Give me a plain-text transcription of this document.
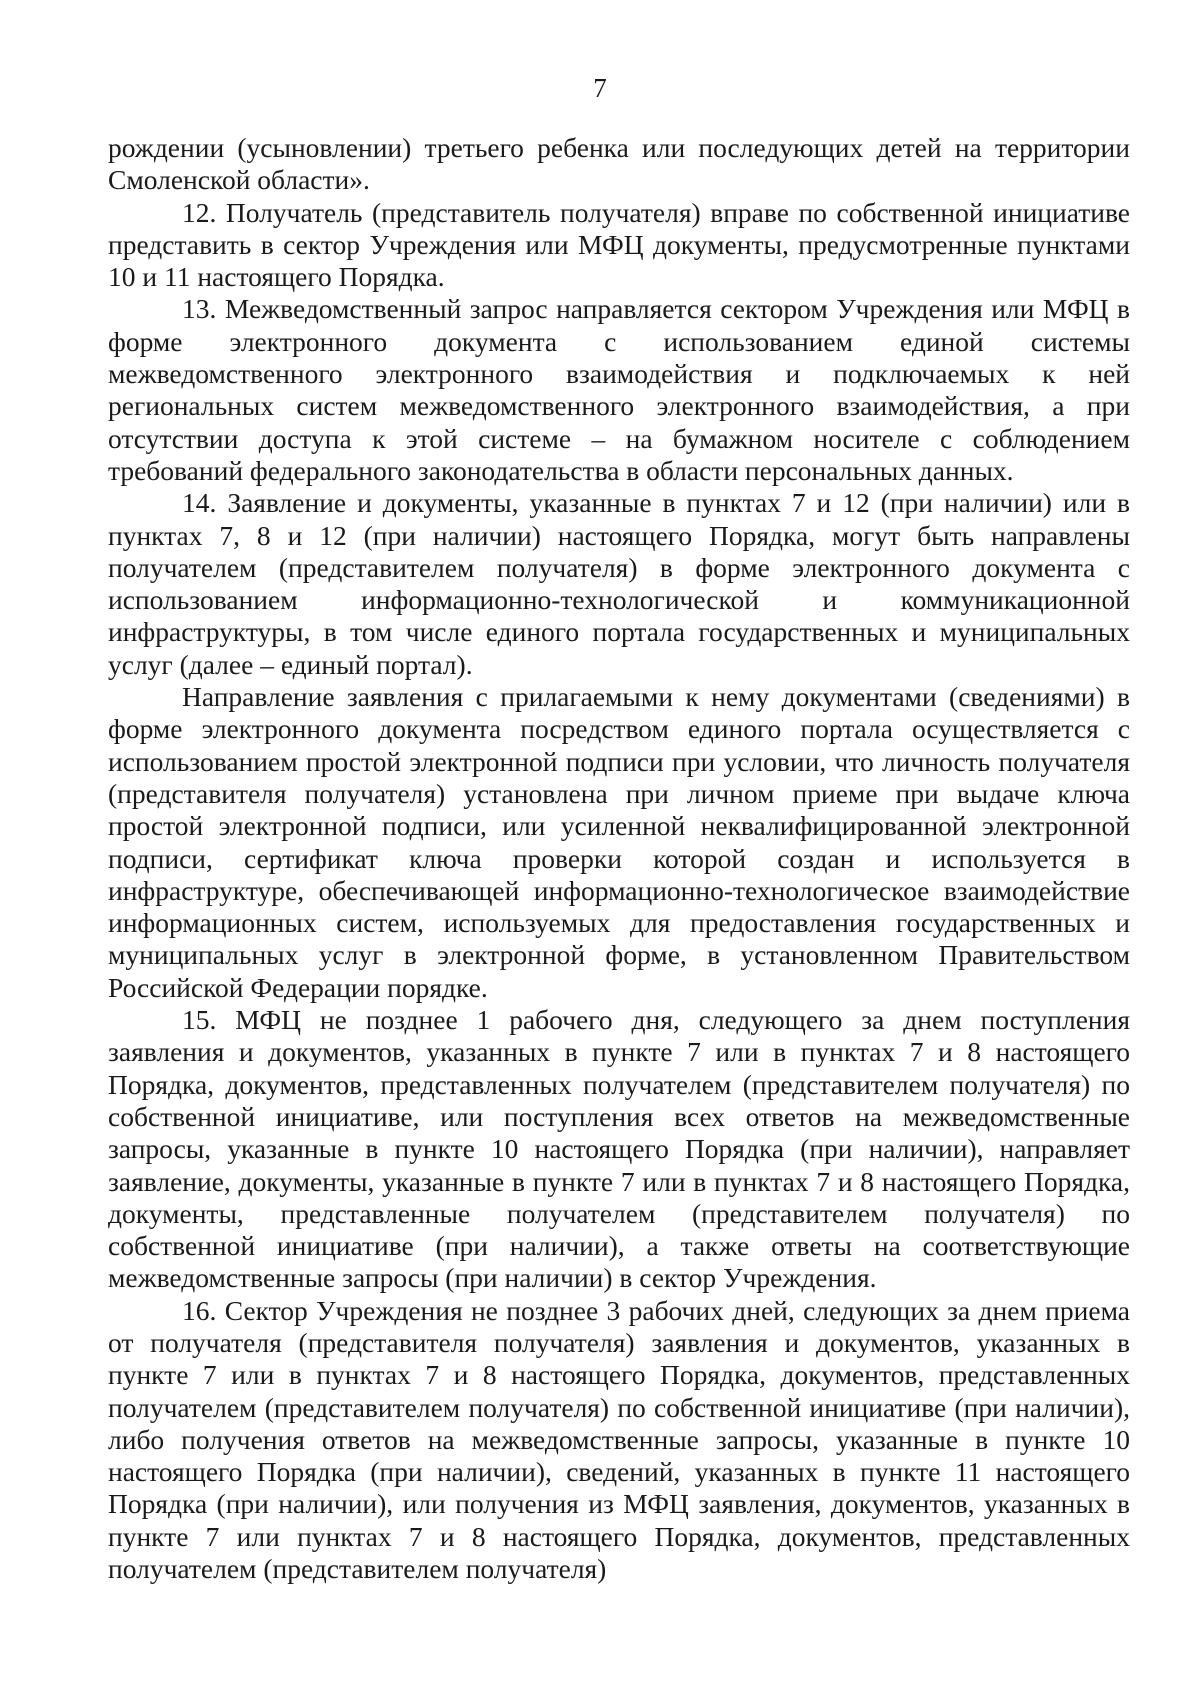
7

рождении (усыновлении) третьего ребенка или последующих детей на территории Смоленской области».

12. Получатель (представитель получателя) вправе по собственной инициативе представить в сектор Учреждения или МФЦ документы, предусмотренные пунктами 10 и 11 настоящего Порядка.

13. Межведомственный запрос направляется сектором Учреждения или МФЦ в форме электронного документа с использованием единой системы межведомственного электронного взаимодействия и подключаемых к ней региональных систем межведомственного электронного взаимодействия, а при отсутствии доступа к этой системе – на бумажном носителе с соблюдением требований федерального законодательства в области персональных данных.

14. Заявление и документы, указанные в пунктах 7 и 12 (при наличии) или в пунктах 7, 8 и 12 (при наличии) настоящего Порядка, могут быть направлены получателем (представителем получателя) в форме электронного документа с использованием информационно-технологической и коммуникационной инфраструктуры, в том числе единого портала государственных и муниципальных услуг (далее – единый портал).

Направление заявления с прилагаемыми к нему документами (сведениями) в форме электронного документа посредством единого портала осуществляется с использованием простой электронной подписи при условии, что личность получателя (представителя получателя) установлена при личном приеме при выдаче ключа простой электронной подписи, или усиленной неквалифицированной электронной подписи, сертификат ключа проверки которой создан и используется в инфраструктуре, обеспечивающей информационно-технологическое взаимодействие информационных систем, используемых для предоставления государственных и муниципальных услуг в электронной форме, в установленном Правительством Российской Федерации порядке.

15. МФЦ не позднее 1 рабочего дня, следующего за днем поступления заявления и документов, указанных в пункте 7 или в пунктах 7 и 8 настоящего Порядка, документов, представленных получателем (представителем получателя) по собственной инициативе, или поступления всех ответов на межведомственные запросы, указанные в пункте 10 настоящего Порядка (при наличии), направляет заявление, документы, указанные в пункте 7 или в пунктах 7 и 8 настоящего Порядка, документы, представленные получателем (представителем получателя) по собственной инициативе (при наличии), а также ответы на соответствующие межведомственные запросы (при наличии) в сектор Учреждения.

16. Сектор Учреждения не позднее 3 рабочих дней, следующих за днем приема от получателя (представителя получателя) заявления и документов, указанных в пункте 7 или в пунктах 7 и 8 настоящего Порядка, документов, представленных получателем (представителем получателя) по собственной инициативе (при наличии), либо получения ответов на межведомственные запросы, указанные в пункте 10 настоящего Порядка (при наличии), сведений, указанных в пункте 11 настоящего Порядка (при наличии), или получения из МФЦ заявления, документов, указанных в пункте 7 или пунктах 7 и 8 настоящего Порядка, документов, представленных получателем (представителем получателя)
